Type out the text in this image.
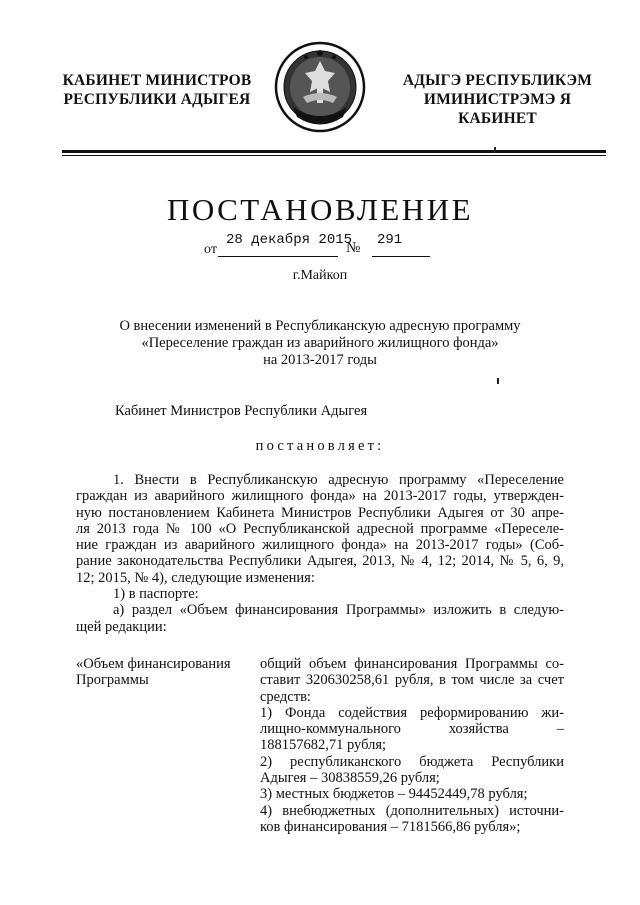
КАБИНЕТ МИНИСТРОВ
РЕСПУБЛИКИ АДЫГЕЯ
АДЫГЭ РЕСПУБЛИКЭМ
ИМИНИСТРЭМЭ Я КАБИНЕТ
ПОСТАНОВЛЕНИЕ
от
28 декабря 2015
№ 291
г.Майкоп
О внесении изменений в Республиканскую адресную программу
«Переселение граждан из аварийного жилищного фонда»
на 2013-2017 годы
Кабинет Министров Республики Адыгея
постановляет:
1. Внести в Республиканскую адресную программу «Переселение
граждан из аварийного жилищного фонда» на 2013-2017 годы, утвержден-
ную постановлением Кабинета Министров Республики Адыгея от 30 апре-
ля 2013 года № 100 «О Республиканской адресной программе «Переселе-
ние граждан из аварийного жилищного фонда» на 2013-2017 годы» (Соб-
рание законодательства Республики Адыгея, 2013, № 4, 12; 2014, № 5, 6, 9,
12; 2015, № 4), следующие изменения:
1) в паспорте:
а) раздел «Объем финансирования Программы» изложить в следую-
щей редакции:
«Объем финансирования
Программы
общий объем финансирования Программы со-
ставит 320630258,61 рубля, в том числе за счет
средств:
1) Фонда содействия реформированию жи-
лищно-коммунального хозяйства –
188157682,71 рубля;
2) республиканского бюджета Республики
Адыгея – 30838559,26 рубля;
3) местных бюджетов – 94452449,78 рубля;
4) внебюджетных (дополнительных) источни-
ков финансирования – 7181566,86 рубля»;
